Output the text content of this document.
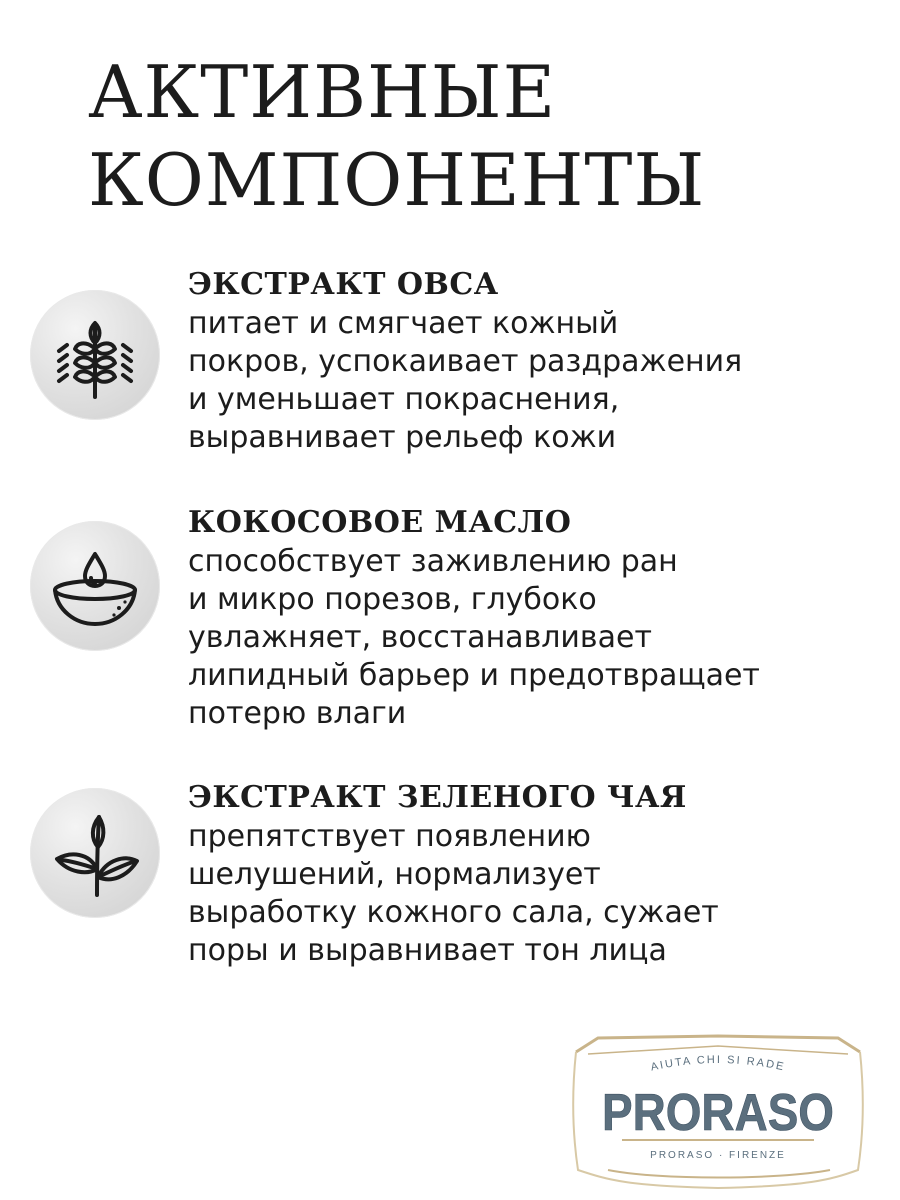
АКТИВНЫЕ
КОМПОНЕНТЫ
ЭКСТРАКТ ОВСА
питает и смягчает кожный
покров, успокаивает раздражения
и уменьшает покраснения,
выравнивает рельеф кожи
КОКОСОВОЕ МАСЛО
способствует заживлению ран
и микро порезов, глубоко
увлажняет, восстанавливает
липидный барьер и предотвращает
потерю влаги
ЭКСТРАКТ ЗЕЛЕНОГО ЧАЯ
препятствует появлению
шелушений, нормализует
выработку кожного сала, сужает
поры и выравнивает тон лица
AIUTA CHI SI RADE
PRORASO
PRORASO · FIRENZE
